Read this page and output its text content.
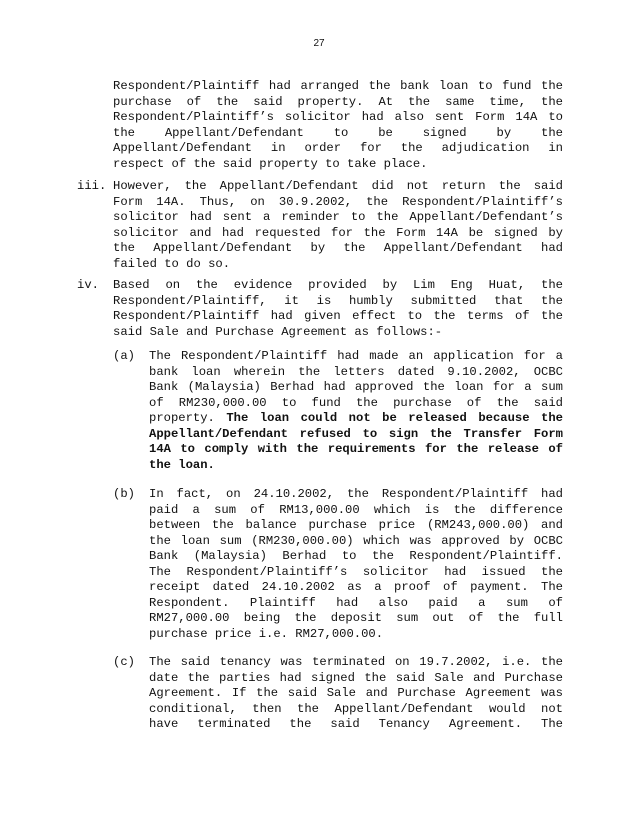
27
Respondent/Plaintiff had arranged the bank loan to fund the
purchase of the said property. At the same time, the
Respondent/Plaintiff’s solicitor had also sent Form 14A to
the Appellant/Defendant to be signed by the
Appellant/Defendant in order for the adjudication in
respect of the said property to take place.
iii. However, the Appellant/Defendant did not return the said
Form 14A. Thus, on 30.9.2002, the Respondent/Plaintiff’s
solicitor had sent a reminder to the Appellant/Defendant’s
solicitor and had requested for the Form 14A be signed by
the Appellant/Defendant by the Appellant/Defendant had
failed to do so.
iv. Based on the evidence provided by Lim Eng Huat, the
Respondent/Plaintiff, it is humbly submitted that the
Respondent/Plaintiff had given effect to the terms of the
said Sale and Purchase Agreement as follows:-
(a) The Respondent/Plaintiff had made an application for a
bank loan wherein the letters dated 9.10.2002, OCBC
Bank (Malaysia) Berhad had approved the loan for a sum
of RM230,000.00 to fund the purchase of the said
property. The loan could not be released because the
Appellant/Defendant refused to sign the Transfer Form
14A to comply with the requirements for the release of
the loan.
(b) In fact, on 24.10.2002, the Respondent/Plaintiff had
paid a sum of RM13,000.00 which is the difference
between the balance purchase price (RM243,000.00) and
the loan sum (RM230,000.00) which was approved by OCBC
Bank (Malaysia) Berhad to the Respondent/Plaintiff.
The Respondent/Plaintiff’s solicitor had issued the
receipt dated 24.10.2002 as a proof of payment. The
Respondent. Plaintiff had also paid a sum of
RM27,000.00 being the deposit sum out of the full
purchase price i.e. RM27,000.00.
(c) The said tenancy was terminated on 19.7.2002, i.e. the
date the parties had signed the said Sale and Purchase
Agreement. If the said Sale and Purchase Agreement was
conditional, then the Appellant/Defendant would not
have terminated the said Tenancy Agreement. The
